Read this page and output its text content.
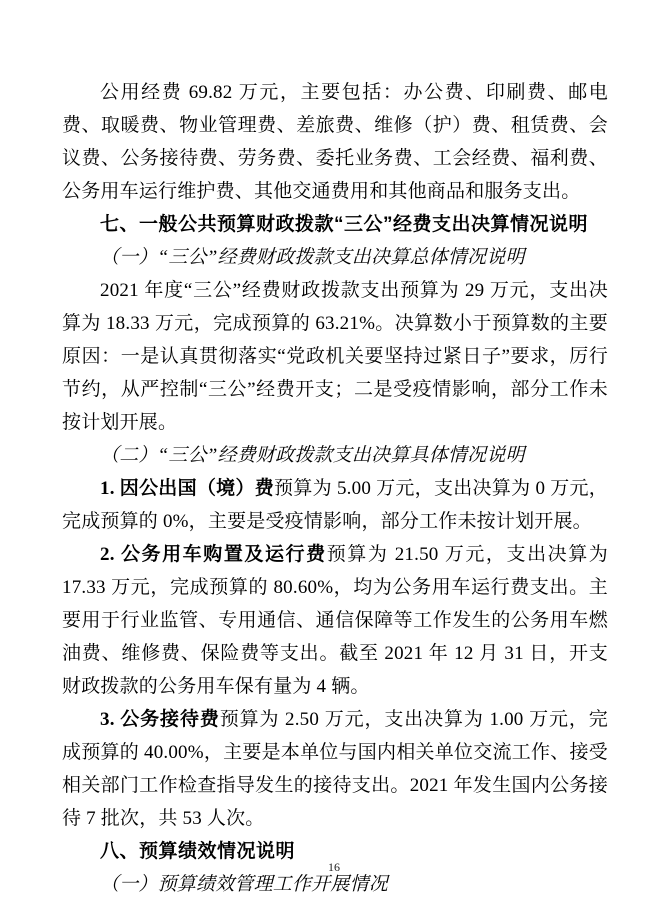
公用经费 69.82 万元，主要包括：办公费、印刷费、邮电费、取暖费、物业管理费、差旅费、维修（护）费、租赁费、会议费、公务接待费、劳务费、委托业务费、工会经费、福利费、公务用车运行维护费、其他交通费用和其他商品和服务支出。

七、一般公共预算财政拨款“三公”经费支出决算情况说明

（一）“三公”经费财政拨款支出决算总体情况说明

2021 年度“三公”经费财政拨款支出预算为 29 万元，支出决算为 18.33 万元，完成预算的 63.21%。决算数小于预算数的主要原因：一是认真贯彻落实“党政机关要坚持过紧日子”要求，厉行节约，从严控制“三公”经费开支；二是受疫情影响，部分工作未按计划开展。

（二）“三公”经费财政拨款支出决算具体情况说明

1. 因公出国（境）费预算为 5.00 万元，支出决算为 0 万元，完成预算的 0%，主要是受疫情影响，部分工作未按计划开展。

2. 公务用车购置及运行费预算为 21.50 万元，支出决算为 17.33 万元，完成预算的 80.60%，均为公务用车运行费支出。主要用于行业监管、专用通信、通信保障等工作发生的公务用车燃油费、维修费、保险费等支出。截至 2021 年 12 月 31 日，开支财政拨款的公务用车保有量为 4 辆。

3. 公务接待费预算为 2.50 万元，支出决算为 1.00 万元，完成预算的 40.00%，主要是本单位与国内相关单位交流工作、接受相关部门工作检查指导发生的接待支出。2021 年发生国内公务接待 7 批次，共 53 人次。

八、预算绩效情况说明

（一）预算绩效管理工作开展情况

16
